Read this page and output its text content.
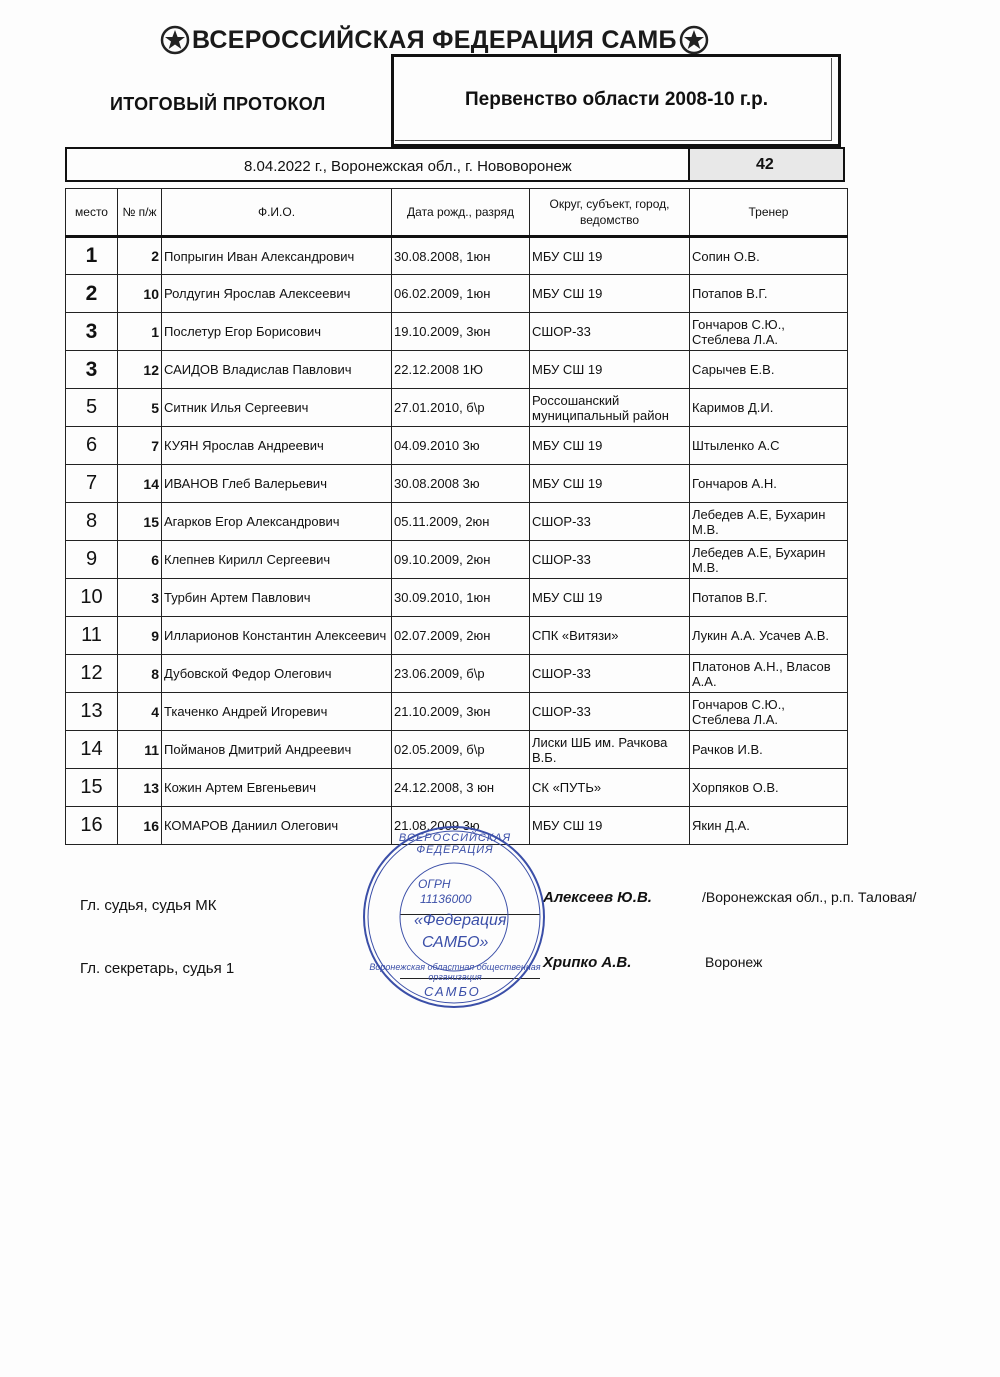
ВСЕРОССИЙСКАЯ ФЕДЕРАЦИЯ САМБ
ИТОГОВЫЙ ПРОТОКОЛ	Первенство области 2008-10 г.р.
8.04.2022 г., Воронежская обл., г. Нововоронеж	42
место	№ п/ж	Ф.И.О.	Дата рожд., разряд	Округ, субъект, город, ведомство	Тренер
1	2	Попрыгин Иван Александрович	30.08.2008, 1юн	МБУ СШ 19	Сопин О.В.
2	10	Ролдугин Ярослав Алексеевич	06.02.2009, 1юн	МБУ СШ 19	Потапов В.Г.
3	1	Послетур Егор Борисович	19.10.2009, 3юн	СШОР-33	Гончаров С.Ю., Стеблева Л.А.
3	12	САИДОВ Владислав Павлович	22.12.2008 1Ю	МБУ СШ 19	Сарычев Е.В.
5	5	Ситник Илья Сергеевич	27.01.2010, б\р	Россошанский муниципальный район	Каримов Д.И.
6	7	КУЯН Ярослав Андреевич	04.09.2010 3ю	МБУ СШ 19	Штыленко А.С
7	14	ИВАНОВ Глеб Валерьевич	30.08.2008 3ю	МБУ СШ 19	Гончаров А.Н.
8	15	Агарков Егор Александрович	05.11.2009, 2юн	СШОР-33	Лебедев А.Е, Бухарин М.В.
9	6	Клепнев Кирилл Сергеевич	09.10.2009, 2юн	СШОР-33	Лебедев А.Е, Бухарин М.В.
10	3	Турбин Артем Павлович	30.09.2010, 1юн	МБУ СШ 19	Потапов В.Г.
11	9	Илларионов Константин Алексеевич	02.07.2009, 2юн	СПК «Витязи»	Лукин А.А. Усачев А.В.
12	8	Дубовской Федор Олегович	23.06.2009, б\р	СШОР-33	Платонов А.Н., Власов А.А.
13	4	Ткаченко Андрей Игоревич	21.10.2009, 3юн	СШОР-33	Гончаров С.Ю., Стеблева Л.А.
14	11	Поймaнов Дмитрий Андреевич	02.05.2009, б\р	Лиски ШБ им. Рачкова В.Б.	Рачков И.В.
15	13	Кожин Артем Евгеньевич	24.12.2008, 3 юн	СК «ПУТЬ»	Хорпяков О.В.
16	16	КОМАРОВ Даниил Олегович	21.08.2009 3ю	МБУ СШ 19	Якин Д.А.
Гл. судья, судья МК	Алексеев Ю.В.	/Воронежская обл., р.п. Таловая/
Гл. секретарь, судья 1	Хрипко А.В.	Воронеж
ОГРН
11136000
«Федерация
САМБО»
САМБО
ВСЕРОССИЙСКАЯ ФЕДЕРАЦИЯ
Воронежская областная общественная организация
